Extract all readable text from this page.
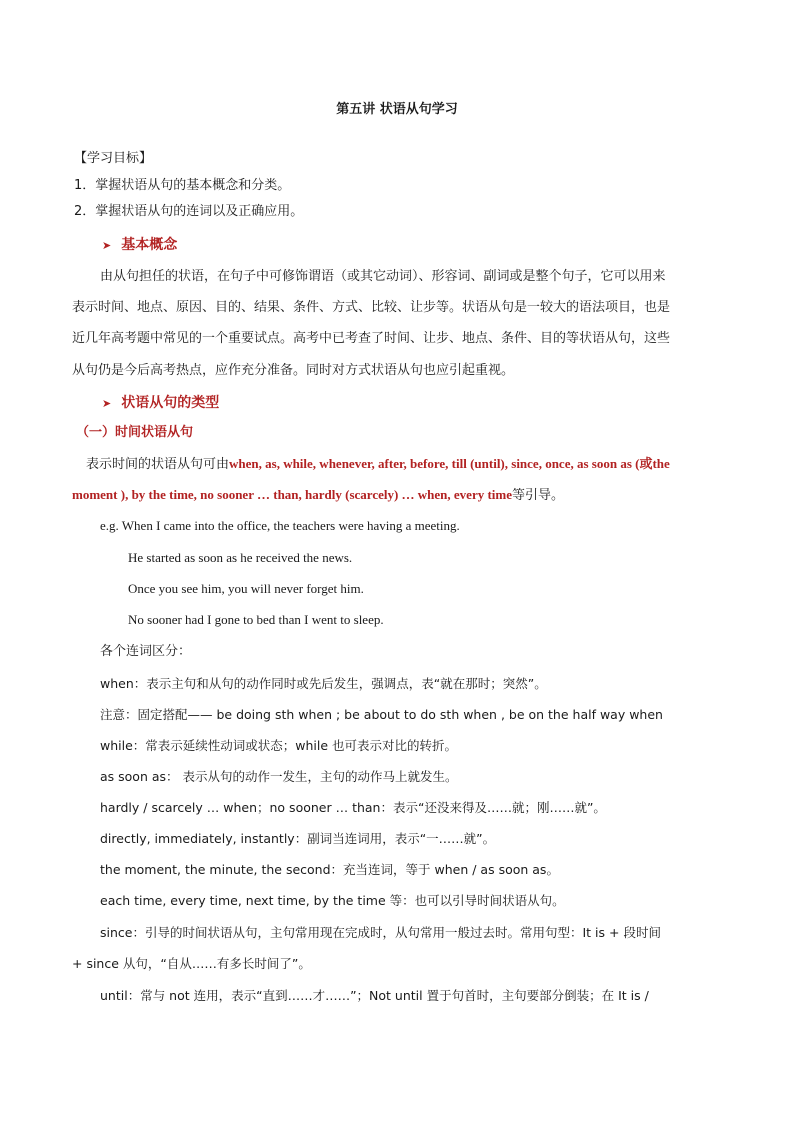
第五讲 状语从句学习
【学习目标】
1．掌握状语从句的基本概念和分类。
2．掌握状语从句的连词以及正确应用。
➤ 基本概念
由从句担任的状语，在句子中可修饰谓语（或其它动词）、形容词、副词或是整个句子，它可以用来
表示时间、地点、原因、目的、结果、条件、方式、比较、让步等。状语从句是一较大的语法项目，也是
近几年高考题中常见的一个重要试点。高考中已考查了时间、让步、地点、条件、目的等状语从句，这些
从句仍是今后高考热点，应作充分准备。同时对方式状语从句也应引起重视。
➤ 状语从句的类型
（一）时间状语从句
表示时间的状语从句可由when, as, while, whenever, after, before, till (until), since, once, as soon as (或the
moment ), by the time, no sooner … than, hardly (scarcely) … when, every time等引导。
e.g. When I came into the office, the teachers were having a meeting.
He started as soon as he received the news.
Once you see him, you will never forget him.
No sooner had I gone to bed than I went to sleep.
各个连词区分：
when：表示主句和从句的动作同时或先后发生，强调点，表“就在那时；突然”。
注意：固定搭配—— be doing sth when ; be about to do sth when , be on the half way when
while：常表示延续性动词或状态；while 也可表示对比的转折。
as soon as： 表示从句的动作一发生，主句的动作马上就发生。
hardly / scarcely … when；no sooner … than：表示“还没来得及……就；刚……就”。
directly, immediately, instantly：副词当连词用，表示“一……就”。
the moment, the minute, the second：充当连词，等于 when / as soon as。
each time, every time, next time, by the time 等：也可以引导时间状语从句。
since：引导的时间状语从句，主句常用现在完成时，从句常用一般过去时。常用句型：It is + 段时间
+ since 从句，“自从……有多长时间了”。
until：常与 not 连用，表示“直到……才……”；Not until 置于句首时，主句要部分倒装；在 It is /
